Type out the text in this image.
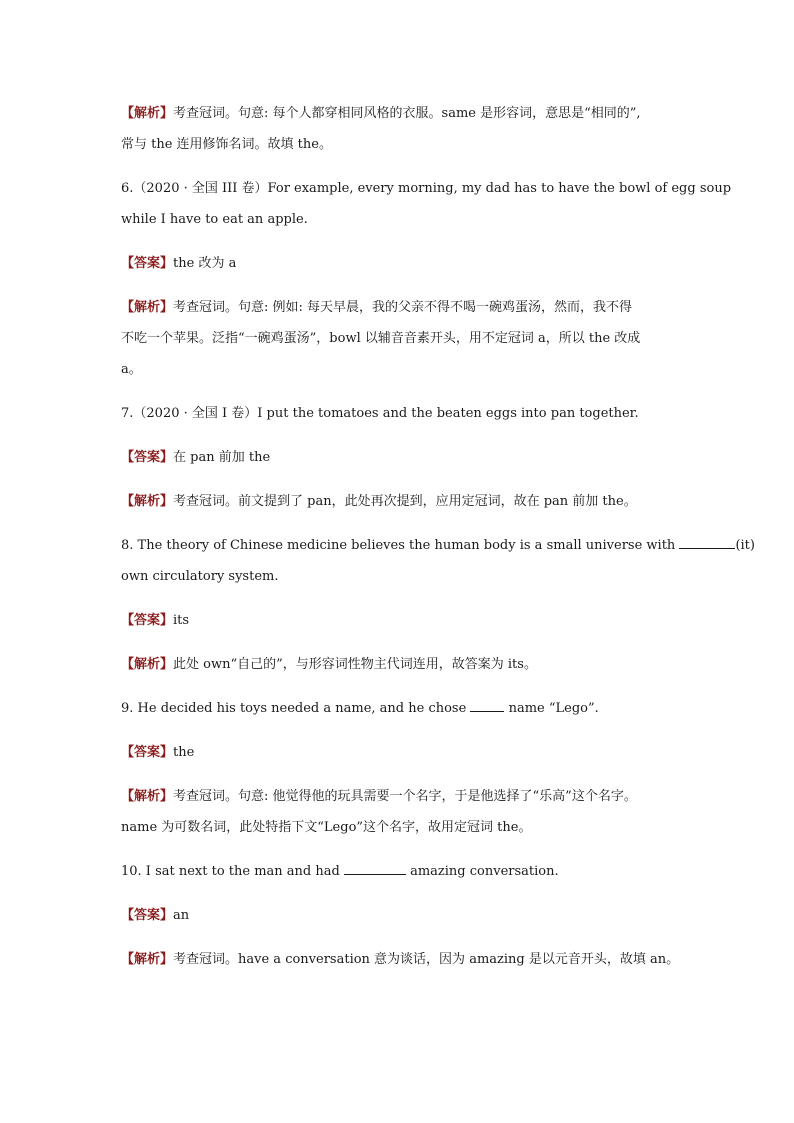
【解析】考查冠词。句意: 每个人都穿相同风格的衣服。same 是形容词，意思是“相同的”,
常与 the 连用修饰名词。故填 the。
6.（2020 · 全国 III 卷）For example, every morning, my dad has to have the bowl of egg soup
while I have to eat an apple.
【答案】the 改为 a
【解析】考查冠词。句意: 例如: 每天早晨，我的父亲不得不喝一碗鸡蛋汤，然而，我不得
不吃一个苹果。泛指“一碗鸡蛋汤”，bowl 以辅音音素开头，用不定冠词 a，所以 the 改成
a。
7.（2020 · 全国 I 卷）I put the tomatoes and the beaten eggs into pan together.
【答案】在 pan 前加 the
【解析】考查冠词。前文提到了 pan，此处再次提到，应用定冠词，故在 pan 前加 the。
8. The theory of Chinese medicine believes the human body is a small universe with	(it)
own circulatory system.
【答案】its
【解析】此处 own“自己的”，与形容词性物主代词连用，故答案为 its。
9. He decided his toys needed a name, and he chose	name “Lego”.
【答案】the
【解析】考查冠词。句意: 他觉得他的玩具需要一个名字，于是他选择了“乐高”这个名字。
name 为可数名词，此处特指下文“Lego”这个名字，故用定冠词 the。
10. I sat next to the man and had	amazing conversation.
【答案】an
【解析】考查冠词。have a conversation 意为谈话，因为 amazing 是以元音开头，故填 an。
